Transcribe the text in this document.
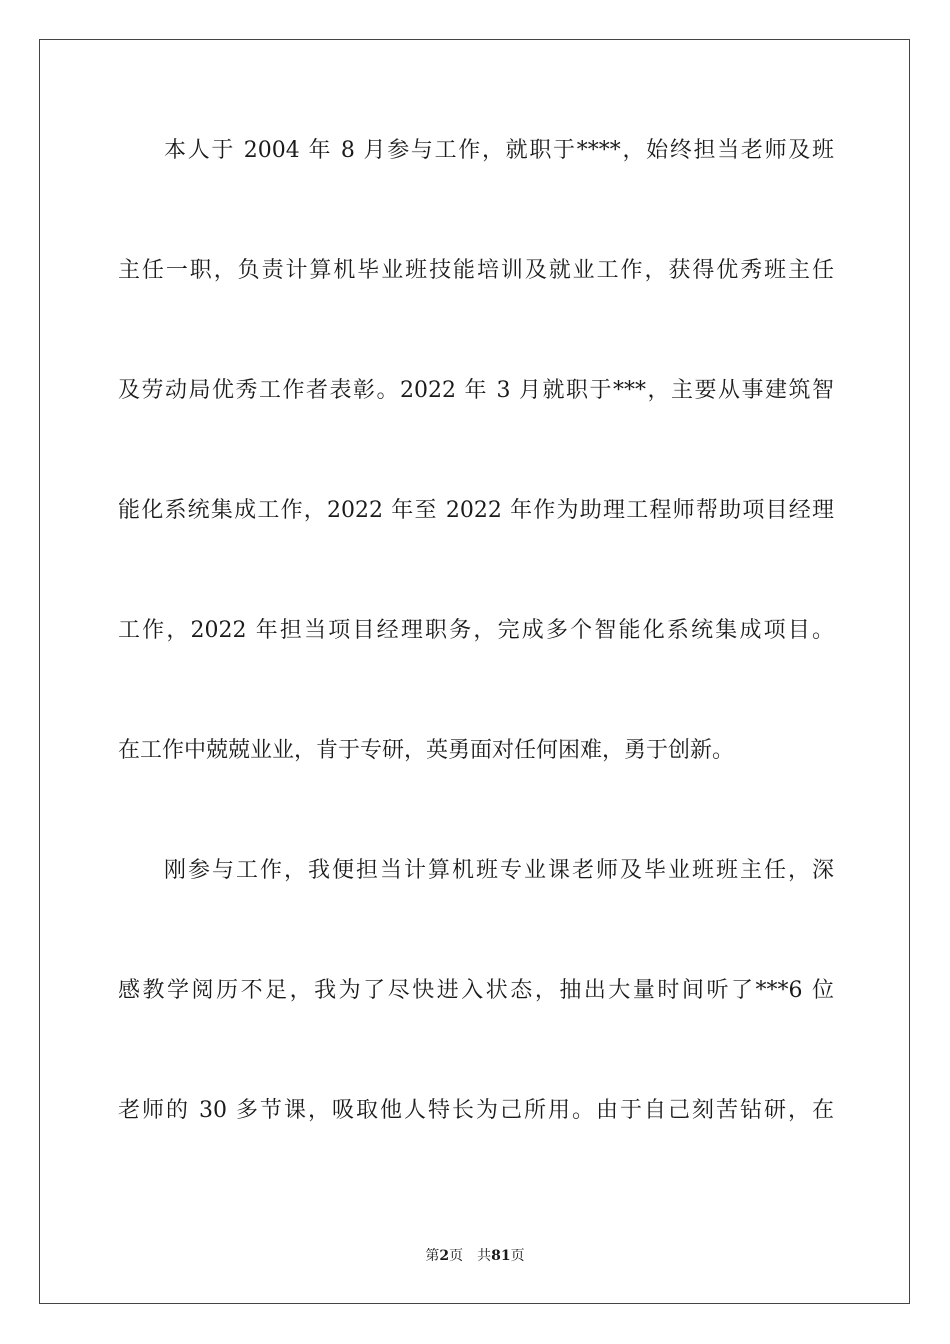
本人于 2004 年 8 月参与工作，就职于****，始终担当老师及班
主任一职，负责计算机毕业班技能培训及就业工作，获得优秀班主任
及劳动局优秀工作者表彰。2022 年 3 月就职于***，主要从事建筑智
能化系统集成工作，2022 年至 2022 年作为助理工程师帮助项目经理
工作，2022 年担当项目经理职务，完成多个智能化系统集成项目。
在工作中兢兢业业，肯于专研，英勇面对任何困难，勇于创新。
刚参与工作，我便担当计算机班专业课老师及毕业班班主任，深
感教学阅历不足，我为了尽快进入状态，抽出大量时间听了***6 位
老师的 30 多节课，吸取他人特长为己所用。由于自己刻苦钻研，在
第2页 共81页
